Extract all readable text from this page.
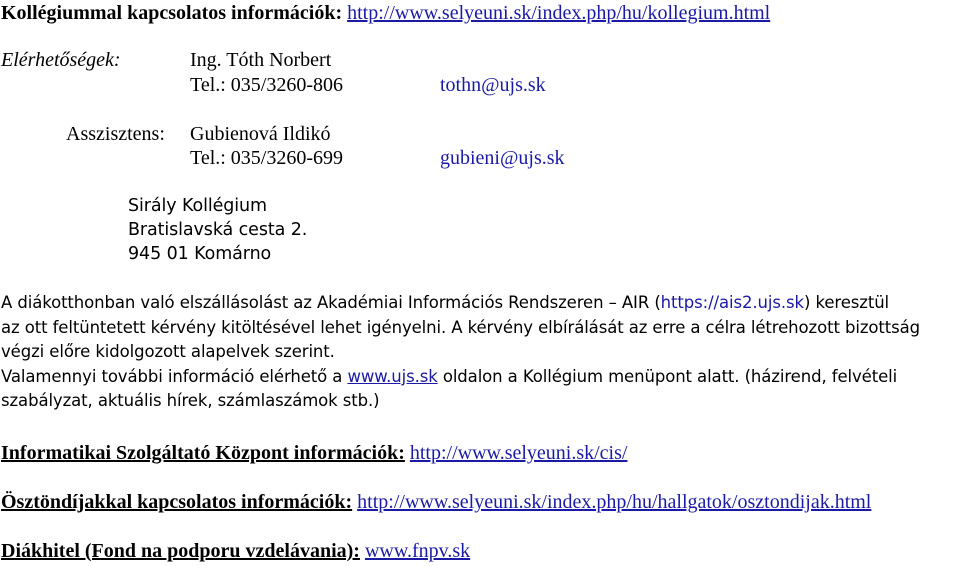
Kollégiummal kapcsolatos információk: http://www.selyeuni.sk/index.php/hu/kollegium.html
Elérhetőségek:	Ing. Tóth Norbert
Tel.: 035/3260-806	tothn@ujs.sk
Asszisztens: Gubienová Ildikó
Tel.: 035/3260-699	gubieni@ujs.sk
Sirály Kollégium
Bratislavská cesta 2.
945 01 Komárno
A diákotthonban való elszállásolást az Akadémiai Információs Rendszeren – AIR (https://ais2.ujs.sk) keresztül
az ott feltüntetett kérvény kitöltésével lehet igényelni. A kérvény elbírálását az erre a célra létrehozott bizottság
végzi előre kidolgozott alapelvek szerint.
Valamennyi további információ elérhető a www.ujs.sk oldalon a Kollégium menüpont alatt. (házirend, felvételi
szabályzat, aktuális hírek, számlaszámok stb.)
Informatikai Szolgáltató Központ információk: http://www.selyeuni.sk/cis/
Ösztöndíjakkal kapcsolatos információk: http://www.selyeuni.sk/index.php/hu/hallgatok/osztondijak.html
Diákhitel (Fond na podporu vzdelávania): www.fnpv.sk
